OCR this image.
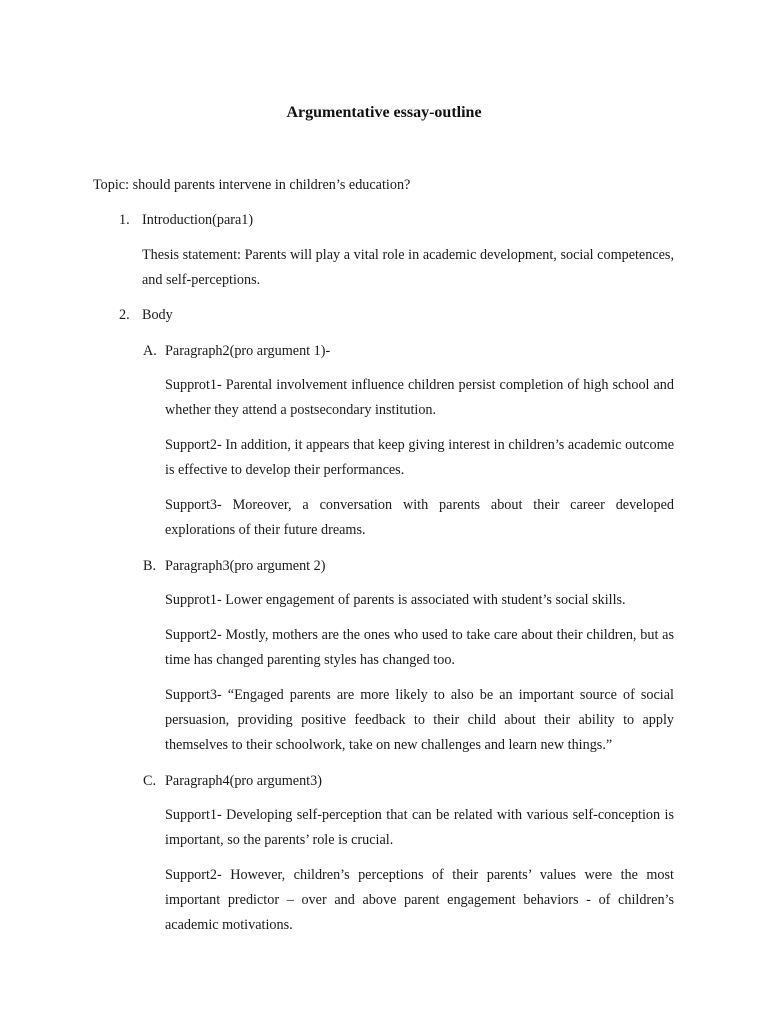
Argumentative essay-outline
Topic: should parents intervene in children’s education?
1. Introduction(para1)
Thesis statement: Parents will play a vital role in academic development, social competences, and self-perceptions.
2. Body
A. Paragraph2(pro argument 1)-
Supprot1- Parental involvement influence children persist completion of high school and whether they attend a postsecondary institution.
Support2- In addition, it appears that keep giving interest in children’s academic outcome is effective to develop their performances.
Support3- Moreover, a conversation with parents about their career developed explorations of their future dreams.
B. Paragraph3(pro argument 2)
Supprot1- Lower engagement of parents is associated with student’s social skills.
Support2- Mostly, mothers are the ones who used to take care about their children, but as time has changed parenting styles has changed too.
Support3- “Engaged parents are more likely to also be an important source of social persuasion, providing positive feedback to their child about their ability to apply themselves to their schoolwork, take on new challenges and learn new things.”
C. Paragraph4(pro argument3)
Support1- Developing self-perception that can be related with various self-conception is important, so the parents’ role is crucial.
Support2- However, children’s perceptions of their parents’ values were the most important predictor – over and above parent engagement behaviors - of children’s academic motivations.
